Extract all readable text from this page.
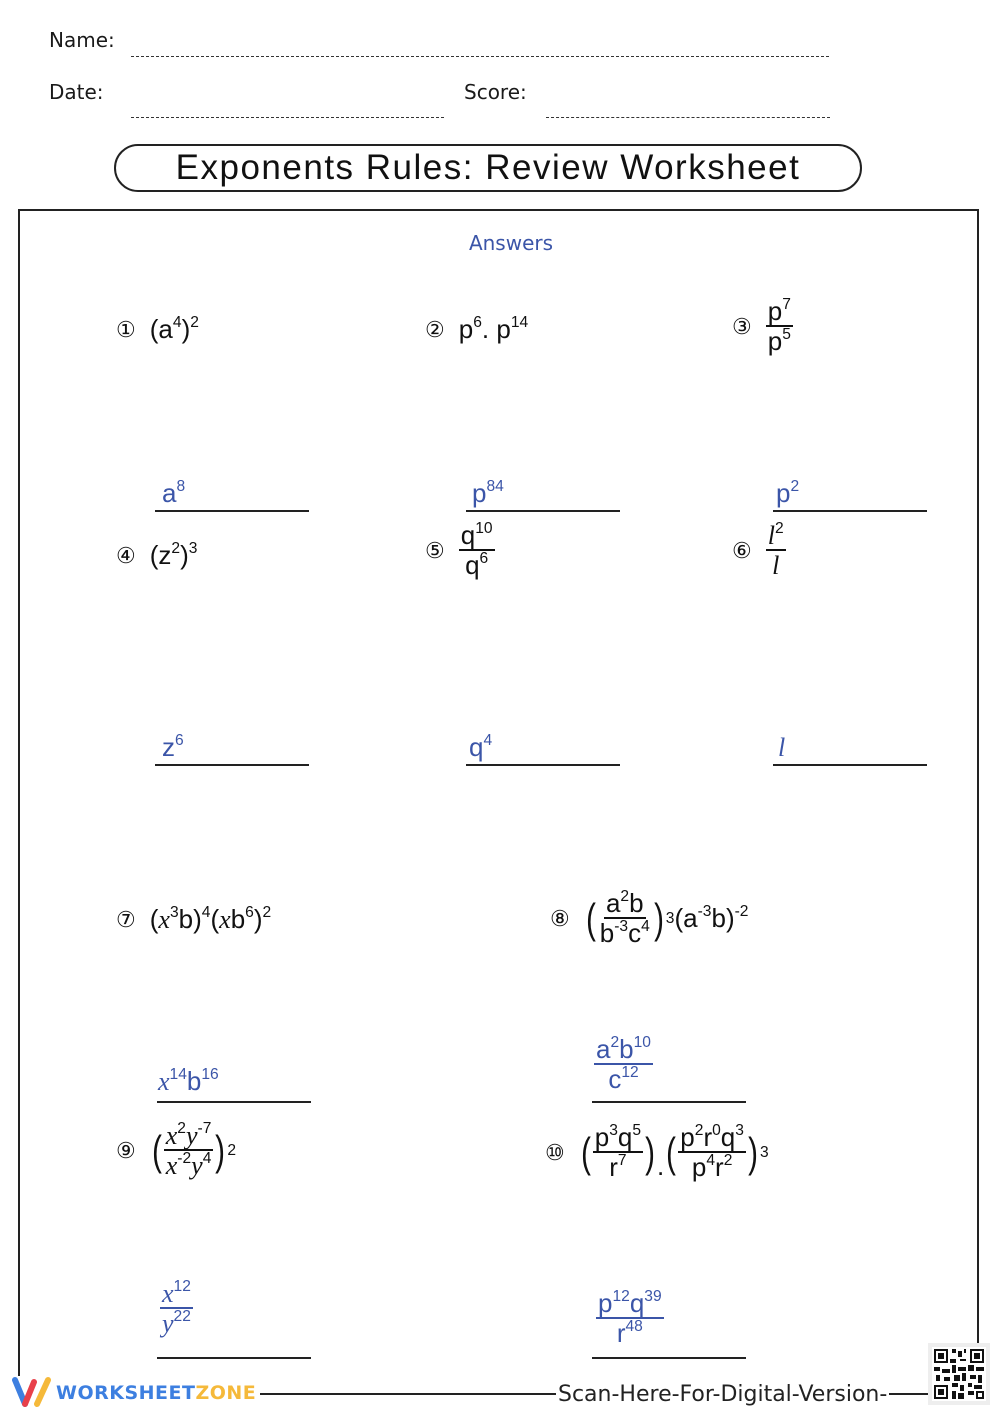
Name:
Date:	Score:
Exponents Rules: Review Worksheet
Answers
① $(a^4)^2$	② $p^6$. $p^{14}$	③ $\frac{p^7}{p^5}$
$a^8$	$p^{84}$	$p^2$
④ $(z^2)^3$	⑤ $\frac{q^{10}}{q^6}$	⑥ $\frac{l^2}{l}$
$z^6$	$q^4$	l
⑦ $(x^3b)^4(xb^6)^2$	⑧ ( $\frac{a^2b}{b^{-3}c^4}$ ) 3 $(a^{-3}b)^{-2}$
$x^{14}b^{16}$	$\frac{a^2b^{10}}{c^{12}}$
⑨ ( $\frac{x^2y^{-7}}{x^{-2}y^4}$ ) 2	⑩ ( $\frac{p^3q^5}{r^7}$ ) . ( $\frac{p^2r^0q^3}{p^4r^2}$ ) 3
$\frac{x^{12}}{y^{22}}$	$\frac{p^{12}q^{39}}{r^{48}}$
WORKSHEET ZONE	Scan-Here-For-Digital-Version-
